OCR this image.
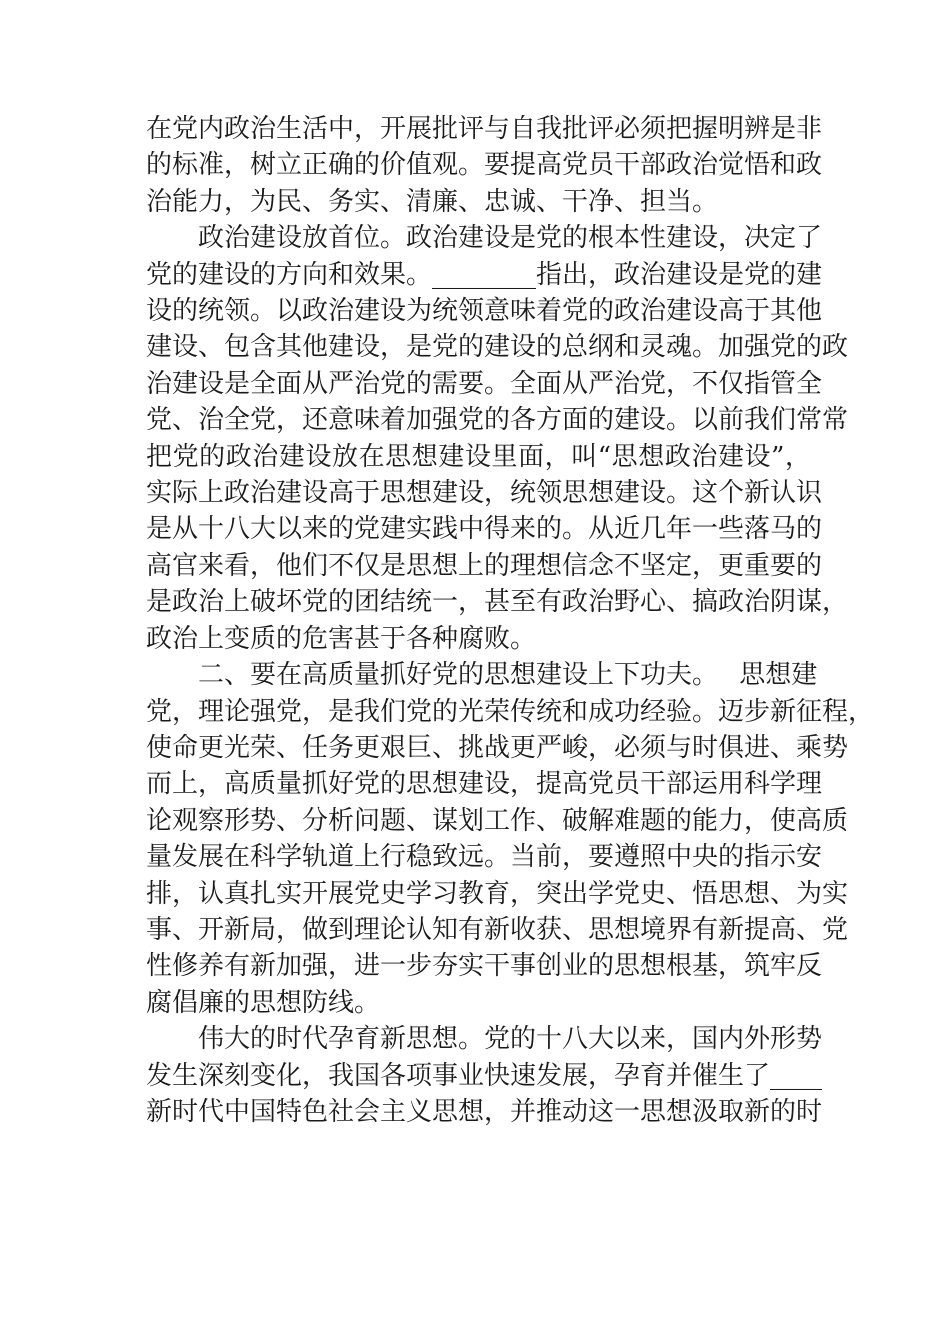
在党内政治生活中，开展批评与自我批评必须把握明辨是非
的标准，树立正确的价值观。要提高党员干部政治觉悟和政
治能力，为民、务实、清廉、忠诚、干净、担当。

政治建设放首位。政治建设是党的根本性建设，决定了
党的建设的方向和效果。________指出，政治建设是党的建
设的统领。以政治建设为统领意味着党的政治建设高于其他
建设、包含其他建设，是党的建设的总纲和灵魂。加强党的政
治建设是全面从严治党的需要。全面从严治党，不仅指管全
党、治全党，还意味着加强党的各方面的建设。以前我们常常
把党的政治建设放在思想建设里面，叫“思想政治建设”，
实际上政治建设高于思想建设，统领思想建设。这个新认识
是从十八大以来的党建实践中得来的。从近几年一些落马的
高官来看，他们不仅是思想上的理想信念不坚定，更重要的
是政治上破坏党的团结统一，甚至有政治野心、搞政治阴谋，
政治上变质的危害甚于各种腐败。

二、要在高质量抓好党的思想建设上下功夫。　 思想建
党，理论强党，是我们党的光荣传统和成功经验。迈步新征程，
使命更光荣、任务更艰巨、挑战更严峻，必须与时俱进、乘势
而上，高质量抓好党的思想建设，提高党员干部运用科学理
论观察形势、分析问题、谋划工作、破解难题的能力，使高质
量发展在科学轨道上行稳致远。当前，要遵照中央的指示安
排，认真扎实开展党史学习教育，突出学党史、悟思想、为实
事、开新局，做到理论认知有新收获、思想境界有新提高、党
性修养有新加强，进一步夯实干事创业的思想根基，筑牢反
腐倡廉的思想防线。

伟大的时代孕育新思想。党的十八大以来，国内外形势
发生深刻变化，我国各项事业快速发展，孕育并催生了____
新时代中国特色社会主义思想，并推动这一思想汲取新的时
